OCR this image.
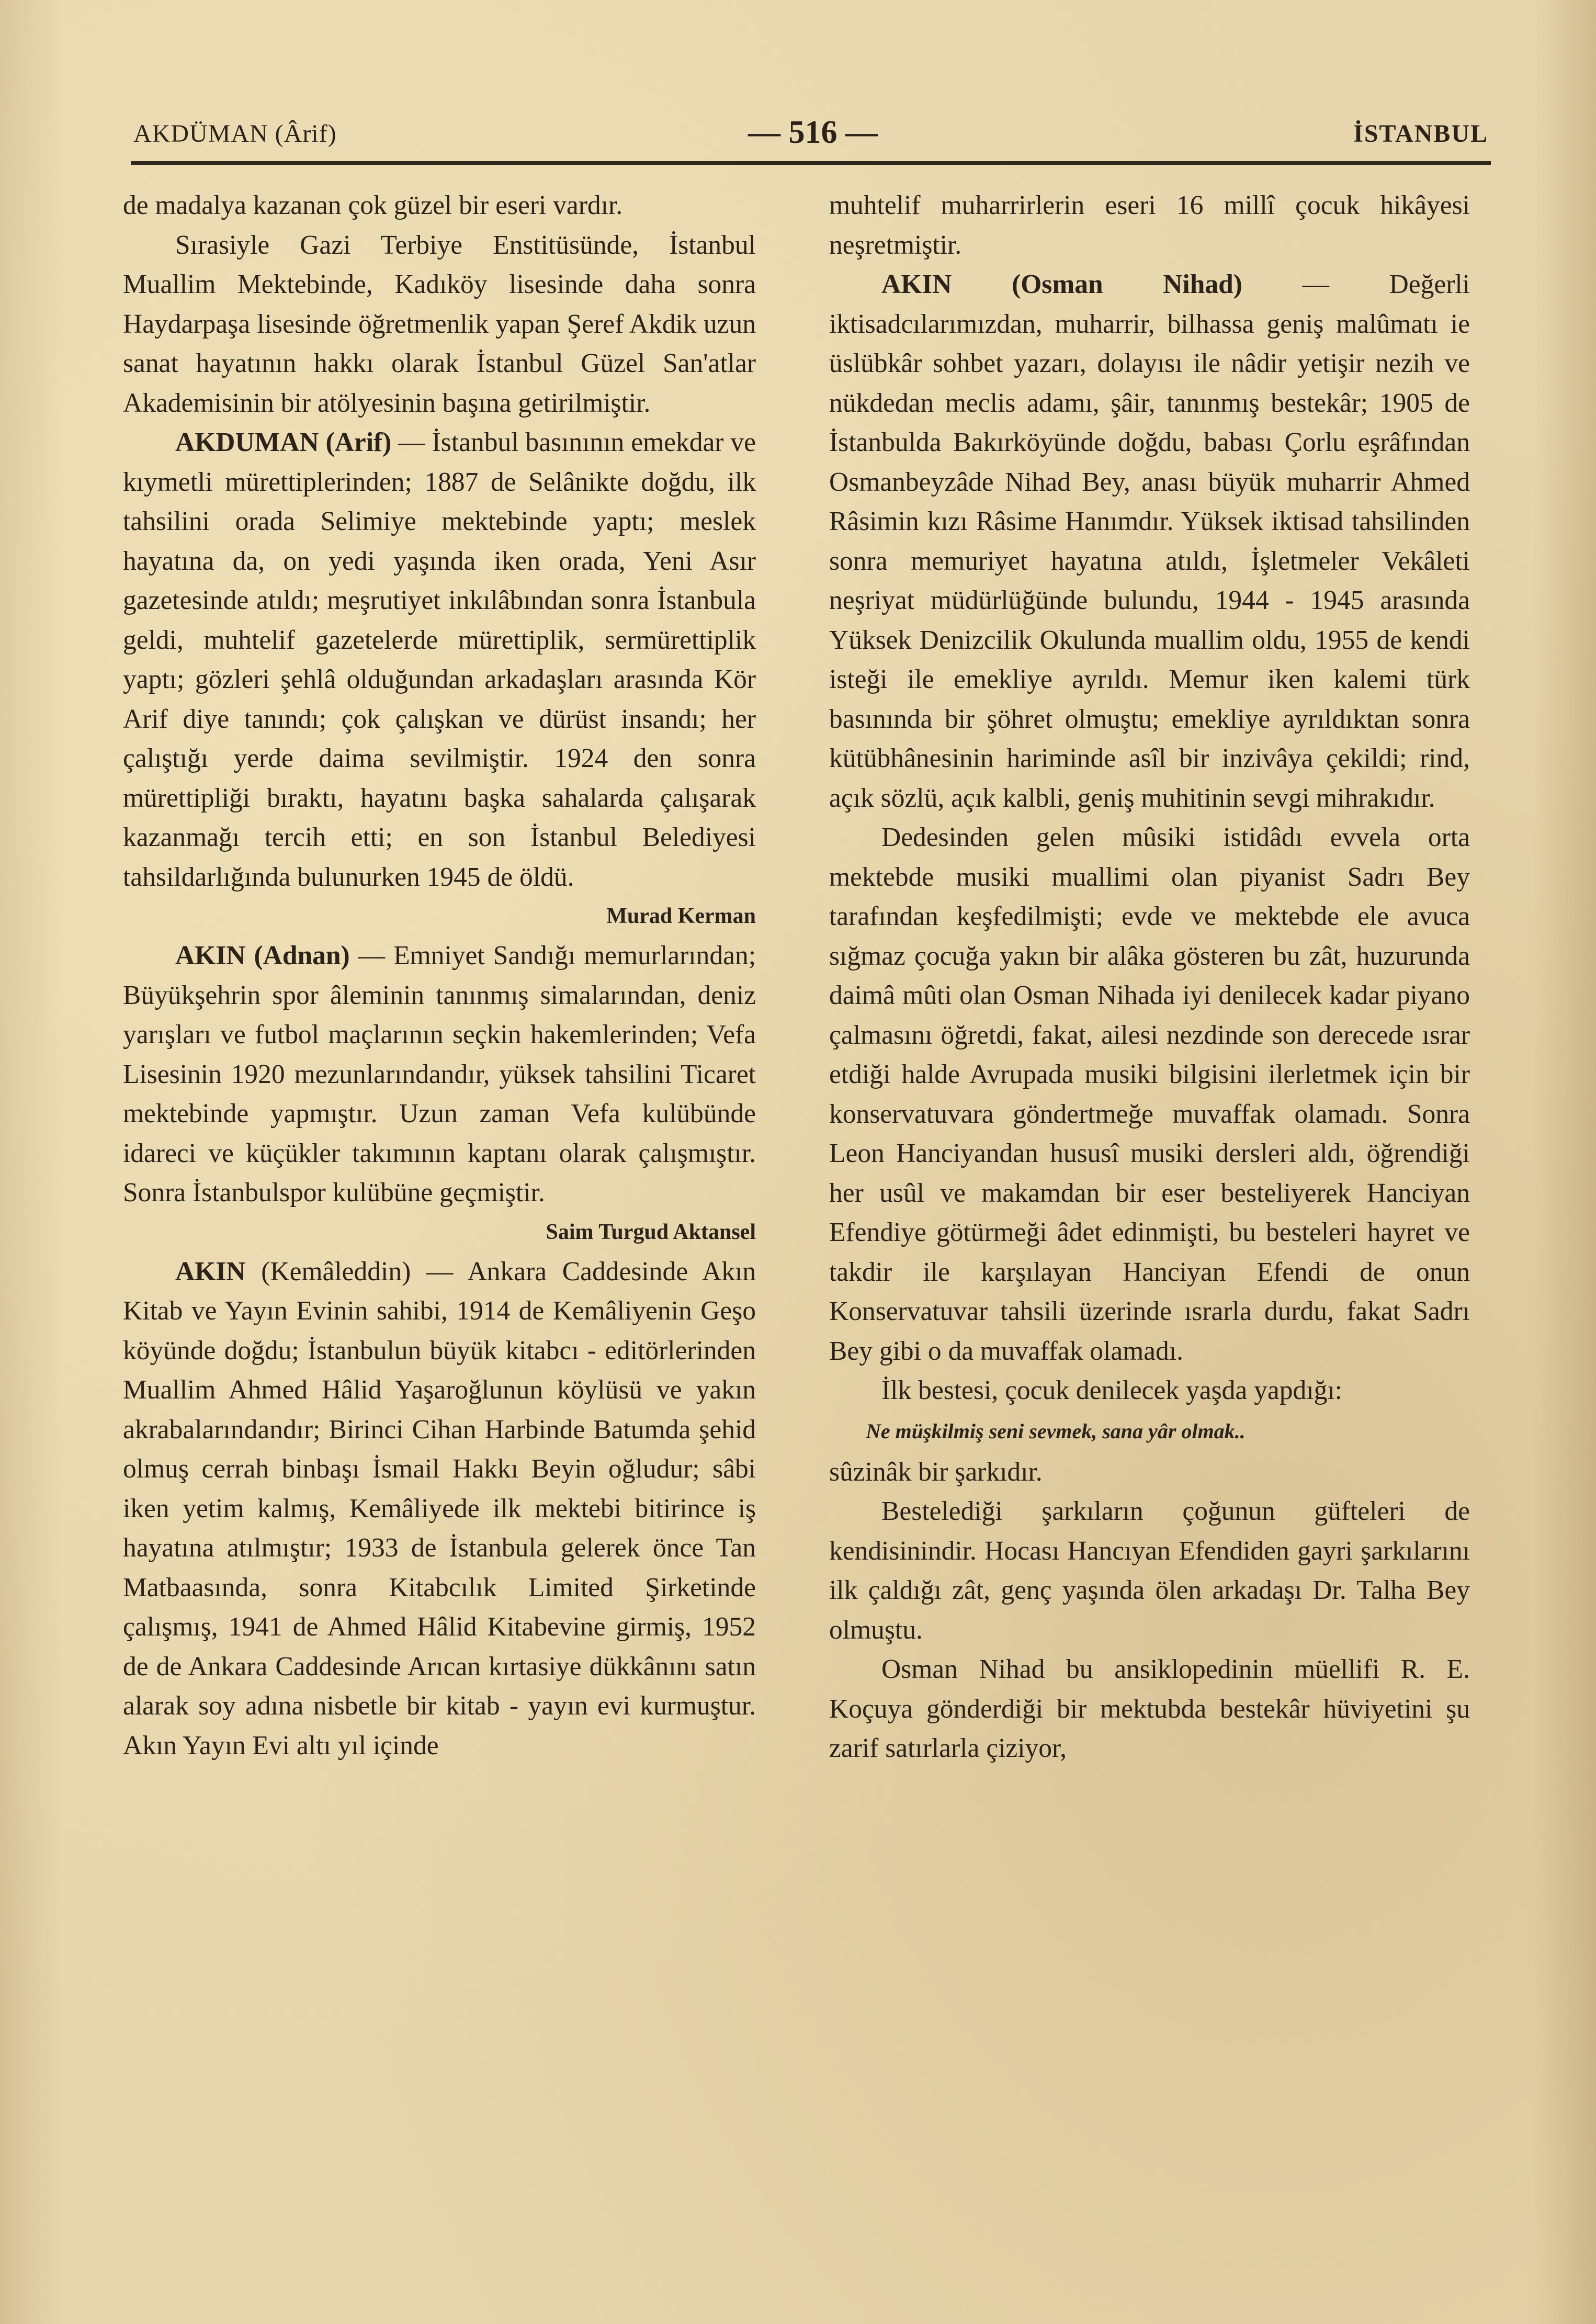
AKDÜMAN (Ârif)	— 516 —	İSTANBUL

de madalya kazanan çok güzel bir eseri vardır.

Sırasiyle Gazi Terbiye Enstitüsünde, İstanbul Muallim Mektebinde, Kadıköy lisesinde daha sonra Haydarpaşa lisesinde öğretmenlik yapan Şeref Akdik uzun sanat hayatının hakkı olarak İstanbul Güzel San'atlar Akademisinin bir atölyesinin başına getirilmiştir.

AKDUMAN (Arif) — İstanbul basınının emekdar ve kıymetli mürettiplerinden; 1887 de Selânikte doğdu, ilk tahsilini orada Selimiye mektebinde yaptı; meslek hayatına da, on yedi yaşında iken orada, Yeni Asır gazetesinde atıldı; meşrutiyet inkılâbından sonra İstanbula geldi, muhtelif gazetelerde mürettiplik, sermürettiplik yaptı; gözleri şehlâ olduğundan arkadaşları arasında Kör Arif diye tanındı; çok çalışkan ve dürüst insandı; her çalıştığı yerde daima sevilmiştir. 1924 den sonra mürettipliği bıraktı, hayatını başka sahalarda çalışarak kazanmağı tercih etti; en son İstanbul Belediyesi tahsildarlığında bulunurken 1945 de öldü.

Murad Kerman

AKIN (Adnan) — Emniyet Sandığı memurlarından; Büyükşehrin spor âleminin tanınmış simalarından, deniz yarışları ve futbol maçlarının seçkin hakemlerinden; Vefa Lisesinin 1920 mezunlarındandır, yüksek tahsilini Ticaret mektebinde yapmıştır. Uzun zaman Vefa kulübünde idareci ve küçükler takımının kaptanı olarak çalışmıştır. Sonra İstanbulspor kulübüne geçmiştir.

Saim Turgud Aktansel

AKIN (Kemâleddin) — Ankara Caddesinde Akın Kitab ve Yayın Evinin sahibi, 1914 de Kemâliyenin Geşo köyünde doğdu; İstanbulun büyük kitabcı - editörlerinden Muallim Ahmed Hâlid Yaşaroğlunun köylüsü ve yakın akrabalarındandır; Birinci Cihan Harbinde Batumda şehid olmuş cerrah binbaşı İsmail Hakkı Beyin oğludur; sâbi iken yetim kalmış, Kemâliyede ilk mektebi bitirince iş hayatına atılmıştır; 1933 de İstanbula gelerek önce Tan Matbaasında, sonra Kitabcılık Limited Şirketinde çalışmış, 1941 de Ahmed Hâlid Kitabevine girmiş, 1952 de de Ankara Caddesinde Arıcan kırtasiye dükkânını satın alarak soy adına nisbetle bir kitab - yayın evi kurmuştur. Akın Yayın Evi altı yıl içinde

muhtelif muharrirlerin eseri 16 millî çocuk hikâyesi neşretmiştir.

AKIN (Osman Nihad) — Değerli iktisadcılarımızdan, muharrir, bilhassa geniş malûmatı ie üslübkâr sohbet yazarı, dolayısı ile nâdir yetişir nezih ve nükdedan meclis adamı, şâir, tanınmış bestekâr; 1905 de İstanbulda Bakırköyünde doğdu, babası Çorlu eşrâfından Osmanbeyzâde Nihad Bey, anası büyük muharrir Ahmed Râsimin kızı Râsime Hanımdır. Yüksek iktisad tahsilinden sonra memuriyet hayatına atıldı, İşletmeler Vekâleti neşriyat müdürlüğünde bulundu, 1944 - 1945 arasında Yüksek Denizcilik Okulunda muallim oldu, 1955 de kendi isteği ile emekliye ayrıldı. Memur iken kalemi türk basınında bir şöhret olmuştu; emekliye ayrıldıktan sonra kütübhânesinin hariminde asîl bir inzivâya çekildi; rind, açık sözlü, açık kalbli, geniş muhitinin sevgi mihrakıdır.

Dedesinden gelen mûsiki istidâdı evvela orta mektebde musiki muallimi olan piyanist Sadrı Bey tarafından keşfedilmişti; evde ve mektebde ele avuca sığmaz çocuğa yakın bir alâka gösteren bu zât, huzurunda daimâ mûti olan Osman Nihada iyi denilecek kadar piyano çalmasını öğretdi, fakat, ailesi nezdinde son derecede ısrar etdiği halde Avrupada musiki bilgisini ilerletmek için bir konservatuvara göndertmeğe muvaffak olamadı. Sonra Leon Hanciyandan hususî musiki dersleri aldı, öğrendiği her usûl ve makamdan bir eser besteliyerek Hanciyan Efendiye götürmeği âdet edinmişti, bu besteleri hayret ve takdir ile karşılayan Hanciyan Efendi de onun Konservatuvar tahsili üzerinde ısrarla durdu, fakat Sadrı Bey gibi o da muvaffak olamadı.

İlk bestesi, çocuk denilecek yaşda yapdığı:

Ne müşkilmiş seni sevmek, sana yâr olmak..

sûzinâk bir şarkıdır.

Bestelediği şarkıların çoğunun güfteleri de kendisinindir. Hocası Hancıyan Efendiden gayri şarkılarını ilk çaldığı zât, genç yaşında ölen arkadaşı Dr. Talha Bey olmuştu.

Osman Nihad bu ansiklopedinin müellifi R. E. Koçuya gönderdiği bir mektubda bestekâr hüviyetini şu zarif satırlarla çiziyor,
